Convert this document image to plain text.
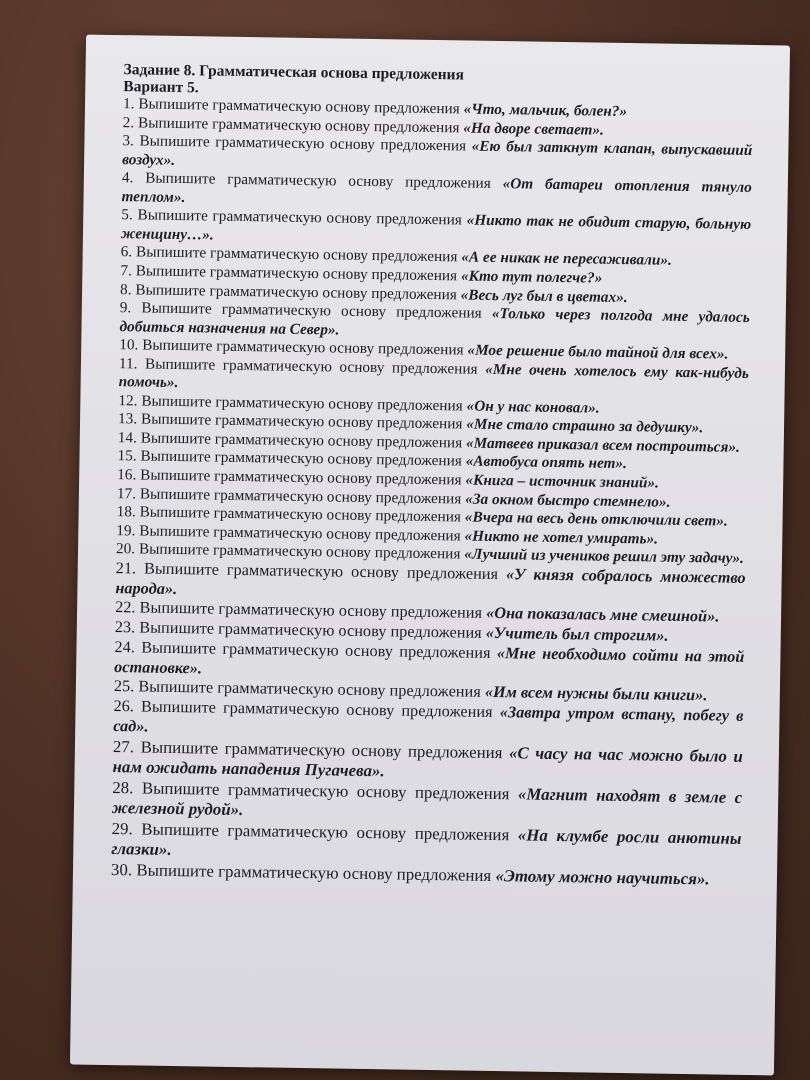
Задание 8. Грамматическая основа предложения
Вариант 5.

1. Выпишите грамматическую основу предложения «Что, мальчик, болен?»

2. Выпишите грамматическую основу предложения «На дворе светает».

3. Выпишите грамматическую основу предложения «Ею был заткнут клапан, выпускавший воздух».

4. Выпишите грамматическую основу предложения «От батареи отопления тянуло теплом».

5. Выпишите грамматическую основу предложения «Никто так не обидит старую, больную женщину…».

6. Выпишите грамматическую основу предложения «А ее никак не пересаживали».

7. Выпишите грамматическую основу предложения «Кто тут полегче?»

8. Выпишите грамматическую основу предложения «Весь луг был в цветах».

9. Выпишите грамматическую основу предложения «Только через полгода мне удалось добиться назначения на Север».

10. Выпишите грамматическую основу предложения «Мое решение было тайной для всех».

11. Выпишите грамматическую основу предложения «Мне очень хотелось ему как-нибудь помочь».

12. Выпишите грамматическую основу предложения «Он у нас коновал».

13. Выпишите грамматическую основу предложения «Мне стало страшно за дедушку».

14. Выпишите грамматическую основу предложения «Матвеев приказал всем построиться».

15. Выпишите грамматическую основу предложения «Автобуса опять нет».

16. Выпишите грамматическую основу предложения «Книга – источник знаний».

17. Выпишите грамматическую основу предложения «За окном быстро стемнело».

18. Выпишите грамматическую основу предложения «Вчера на весь день отключили свет».

19. Выпишите грамматическую основу предложения «Никто не хотел умирать».

20. Выпишите грамматическую основу предложения «Лучший из учеников решил эту задачу».

21. Выпишите грамматическую основу предложения «У князя собралось множество народа».

22. Выпишите грамматическую основу предложения «Она показалась мне смешной».

23. Выпишите грамматическую основу предложения «Учитель был строгим».

24. Выпишите грамматическую основу предложения «Мне необходимо сойти на этой остановке».

25. Выпишите грамматическую основу предложения «Им всем нужны были книги».

26. Выпишите грамматическую основу предложения «Завтра утром встану, побегу в сад».

27. Выпишите грамматическую основу предложения «С часу на час можно было и нам ожидать нападения Пугачева».

28. Выпишите грамматическую основу предложения «Магнит находят в земле с железной рудой».

29. Выпишите грамматическую основу предложения «На клумбе росли анютины глазки».

30. Выпишите грамматическую основу предложения «Этому можно научиться».
